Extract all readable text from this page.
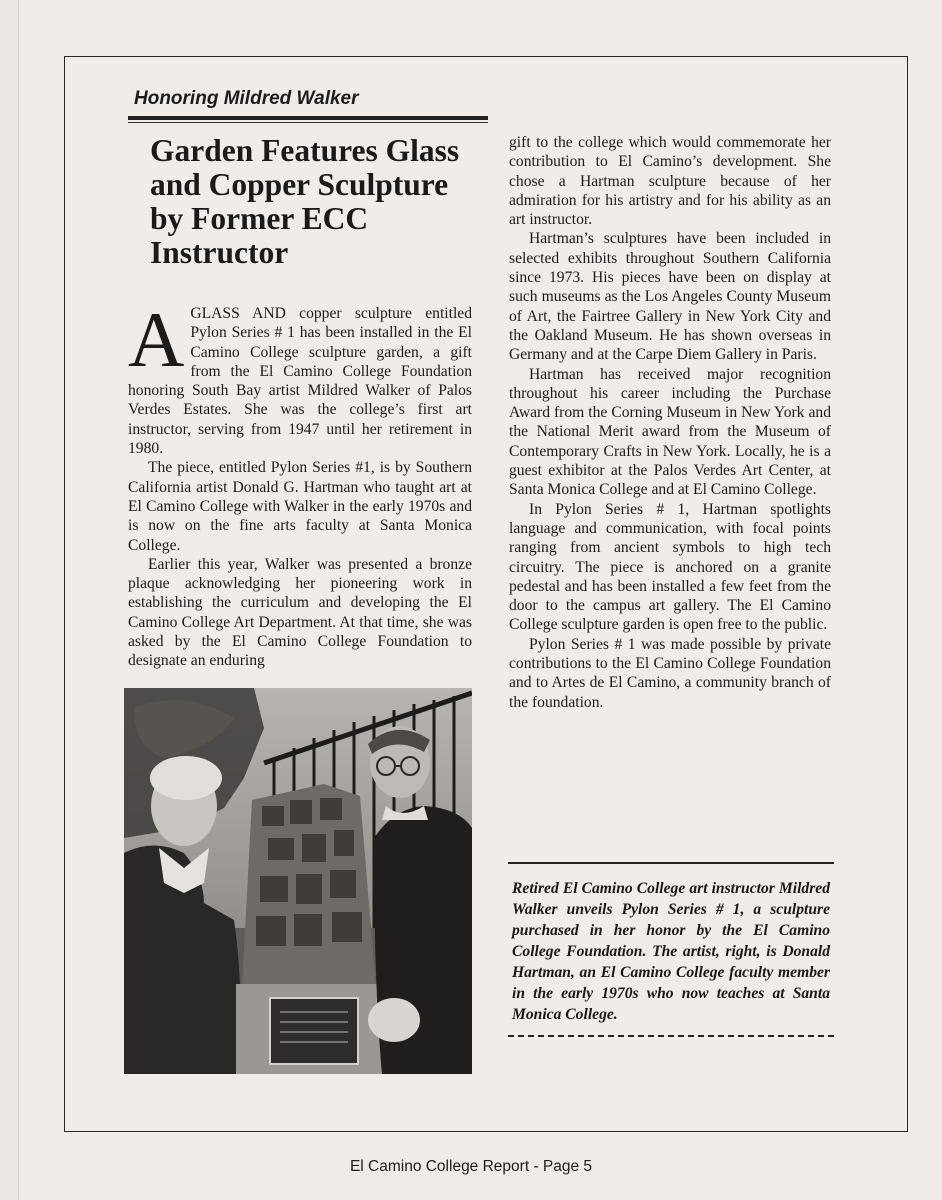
Honoring Mildred Walker
Garden Features Glass and Copper Sculpture by Former ECC Instructor

AGLASS AND copper sculpture entitled Pylon Series # 1 has been installed in the El Camino College sculpture garden, a gift from the El Camino College Foundation honoring South Bay artist Mildred Walker of Palos Verdes Estates. She was the college’s first art instructor, serving from 1947 until her retirement in 1980.

The piece, entitled Pylon Series #1, is by Southern California artist Donald G. Hartman who taught art at El Camino College with Walker in the early 1970s and is now on the fine arts faculty at Santa Monica College.

Earlier this year, Walker was presented a bronze plaque acknowledging her pioneering work in establishing the curriculum and developing the El Camino College Art Department. At that time, she was asked by the El Camino College Foundation to designate an enduring

gift to the college which would commemorate her contribution to El Camino’s development. She chose a Hartman sculpture because of her admiration for his artistry and for his ability as an art instructor.

Hartman’s sculptures have been included in selected exhibits throughout Southern California since 1973. His pieces have been on display at such museums as the Los Angeles County Museum of Art, the Fairtree Gallery in New York City and the Oakland Museum. He has shown overseas in Germany and at the Carpe Diem Gallery in Paris.

Hartman has received major recognition throughout his career including the Purchase Award from the Corning Museum in New York and the National Merit award from the Museum of Contemporary Crafts in New York. Locally, he is a guest exhibitor at the Palos Verdes Art Center, at Santa Monica College and at El Camino College.

In Pylon Series # 1, Hartman spotlights language and communication, with focal points ranging from ancient symbols to high tech circuitry. The piece is anchored on a granite pedestal and has been installed a few feet from the door to the campus art gallery. The El Camino College sculpture garden is open free to the public.

Pylon Series # 1 was made possible by private contributions to the El Camino College Foundation and to Artes de El Camino, a community branch of the foundation.

Retired El Camino College art instructor Mildred Walker unveils Pylon Series # 1, a sculpture purchased in her honor by the El Camino College Foundation. The artist, right, is Donald Hartman, an El Camino College faculty member in the early 1970s who now teaches at Santa Monica College.
El Camino College Report - Page 5
